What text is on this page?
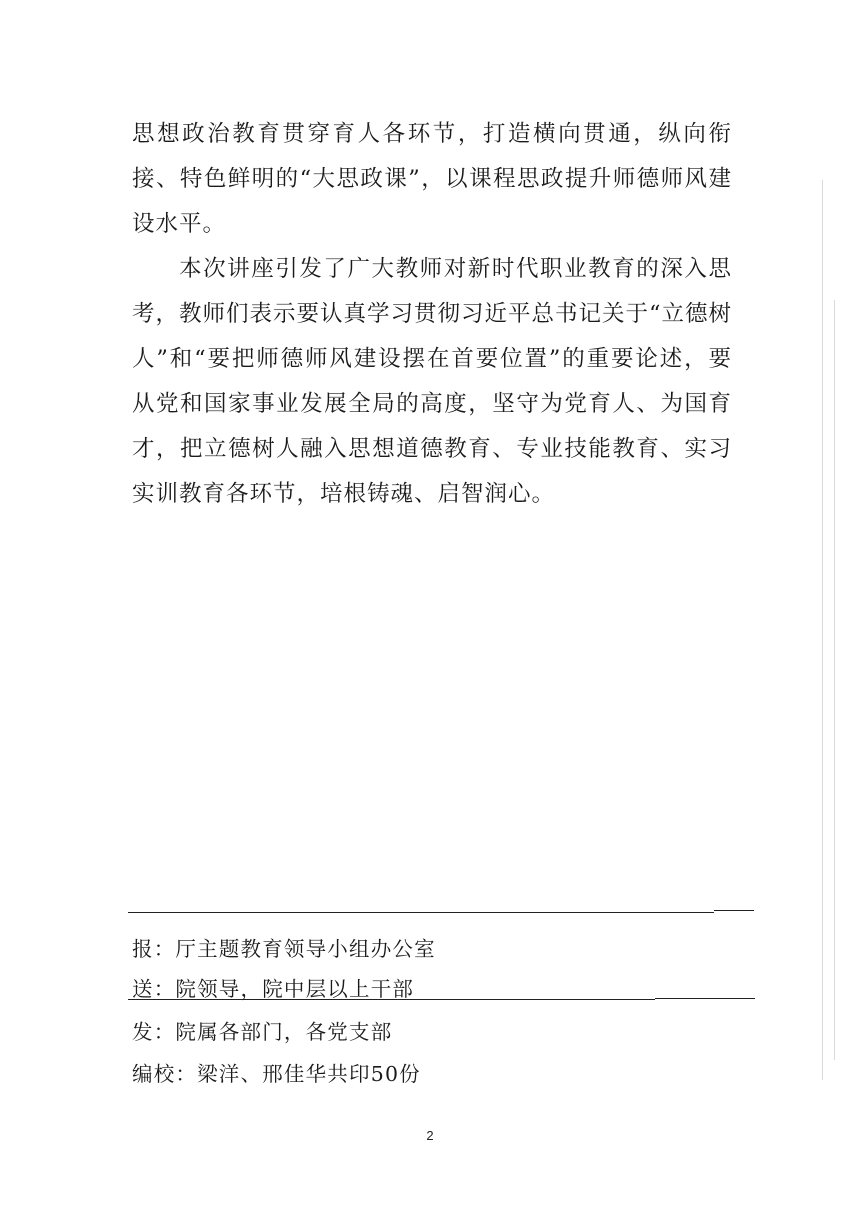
思想政治教育贯穿育人各环节，打造横向贯通，纵向衔接、特色鲜明的“大思政课”，以课程思政提升师德师风建设水平。

本次讲座引发了广大教师对新时代职业教育的深入思考，教师们表示要认真学习贯彻习近平总书记关于“立德树人”和“要把师德师风建设摆在首要位置”的重要论述，要从党和国家事业发展全局的高度，坚守为党育人、为国育才，把立德树人融入思想道德教育、专业技能教育、实习实训教育各环节，培根铸魂、启智润心。

报：厅主题教育领导小组办公室
送：院领导，院中层以上干部
发：院属各部门，各党支部
编校：梁洋、邢佳华共印50份
2
